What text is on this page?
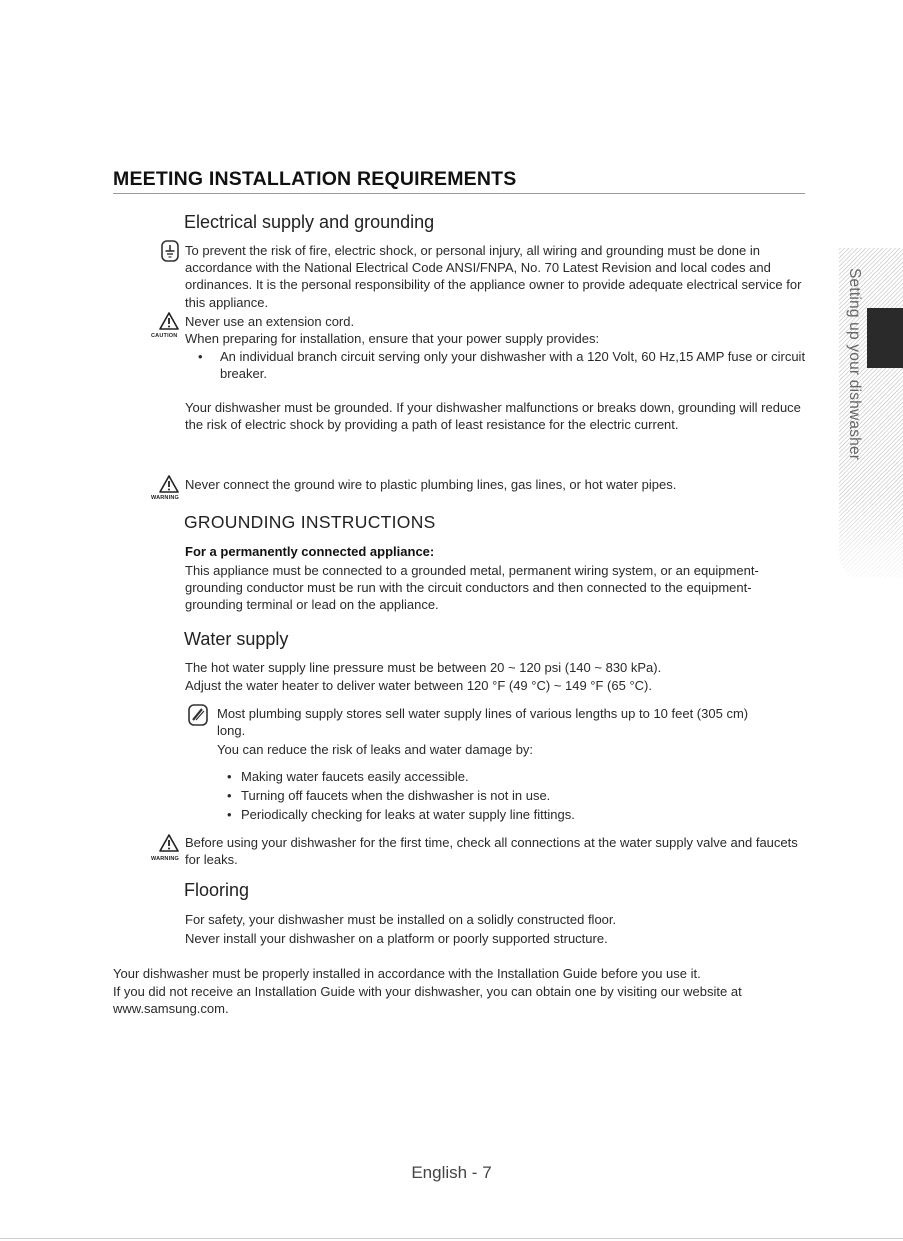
MEETING INSTALLATION REQUIREMENTS
Electrical supply and grounding

To prevent the risk of fire, electric shock, or personal injury, all wiring and grounding must be done in accordance with the National Electrical Code ANSI/FNPA, No. 70 Latest Revision and local codes and ordinances. It is the personal responsibility of the appliance owner to provide adequate electrical service for this appliance.

CAUTION
Never use an extension cord.
When preparing for installation, ensure that your power supply provides:
•	An individual branch circuit serving only your dishwasher with a 120 Volt, 60 Hz,15 AMP fuse or circuit breaker.

Your dishwasher must be grounded. If your dishwasher malfunctions or breaks down, grounding will reduce the risk of electric shock by providing a path of least resistance for the electric current.

WARNING
Never connect the ground wire to plastic plumbing lines, gas lines, or hot water pipes.
GROUNDING INSTRUCTIONS
For a permanently connected appliance:

This appliance must be connected to a grounded metal, permanent wiring system, or an equipment-grounding conductor must be run with the circuit conductors and then connected to the equipment-grounding terminal or lead on the appliance.

Water supply
The hot water supply line pressure must be between 20 ~ 120 psi (140 ~ 830 kPa).
Adjust the water heater to deliver water between 120 °F (49 °C) ~ 149 °F (65 °C).

Most plumbing supply stores sell water supply lines of various lengths up to 10 feet (305 cm) long.

You can reduce the risk of leaks and water damage by:
• Making water faucets easily accessible.
• Turning off faucets when the dishwasher is not in use.
• Periodically checking for leaks at water supply line fittings.
WARNING

Before using your dishwasher for the first time, check all connections at the water supply valve and faucets for leaks.

Flooring
For safety, your dishwasher must be installed on a solidly constructed floor.
Never install your dishwasher on a platform or poorly supported structure.
Your dishwasher must be properly installed in accordance with the Installation Guide before you use it.

If you did not receive an Installation Guide with your dishwasher, you can obtain one by visiting our website at www.samsung.com.

Setting up your dishwasher
English - 7
